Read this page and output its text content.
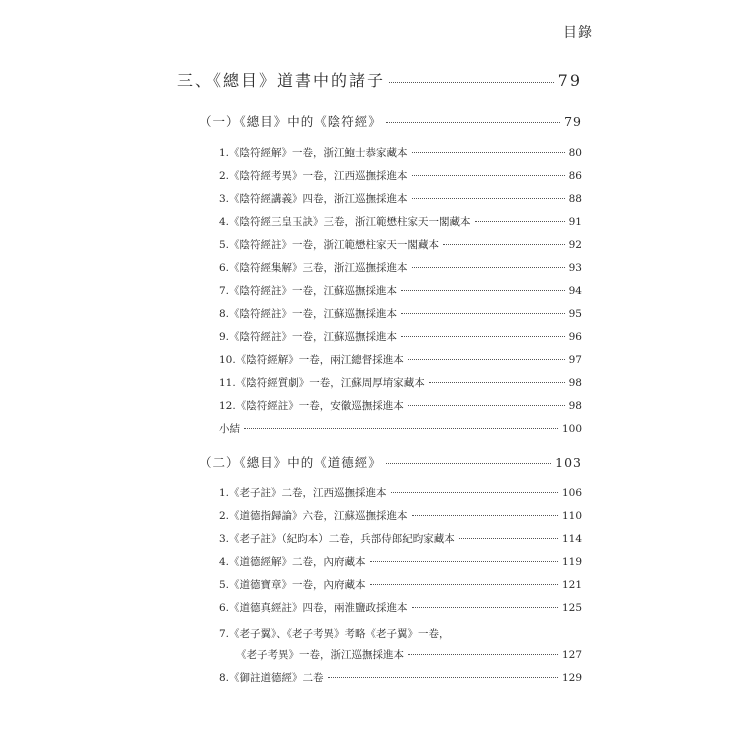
目錄
三、《總目》道書中的諸子	79
（一）《總目》中的《陰符經》	79
1.《陰符經解》一卷，浙江鮑士恭家藏本	80
2.《陰符經考異》一卷，江西巡撫採進本	86
3.《陰符經講義》四卷，浙江巡撫採進本	88
4.《陰符經三皇玉訣》三卷，浙江範懋柱家天一閣藏本	91
5.《陰符經註》一卷，浙江範懋柱家天一閣藏本	92
6.《陰符經集解》三卷，浙江巡撫採進本	93
7.《陰符經註》一卷，江蘇巡撫採進本	94
8.《陰符經註》一卷，江蘇巡撫採進本	95
9.《陰符經註》一卷，江蘇巡撫採進本	96
10.《陰符經解》一卷，兩江總督採進本	97
11.《陰符經質劇》一卷，江蘇周厚堉家藏本	98
12.《陰符經註》一卷，安徽巡撫採進本	98
小結	100
（二）《總目》中的《道德經》	103
1.《老子註》二卷，江西巡撫採進本	106
2.《道德指歸論》六卷，江蘇巡撫採進本	110
3.《老子註》（紀昀本）二卷，兵部侍郎紀昀家藏本	114
4.《道德經解》二卷，內府藏本	119
5.《道德寶章》一卷，內府藏本	121
6.《道德真經註》四卷，兩淮鹽政採進本	125
7.《老子翼》、《老子考異》考略《老子翼》一卷，
《老子考異》一卷，浙江巡撫採進本	127
8.《御註道德經》二卷	129
